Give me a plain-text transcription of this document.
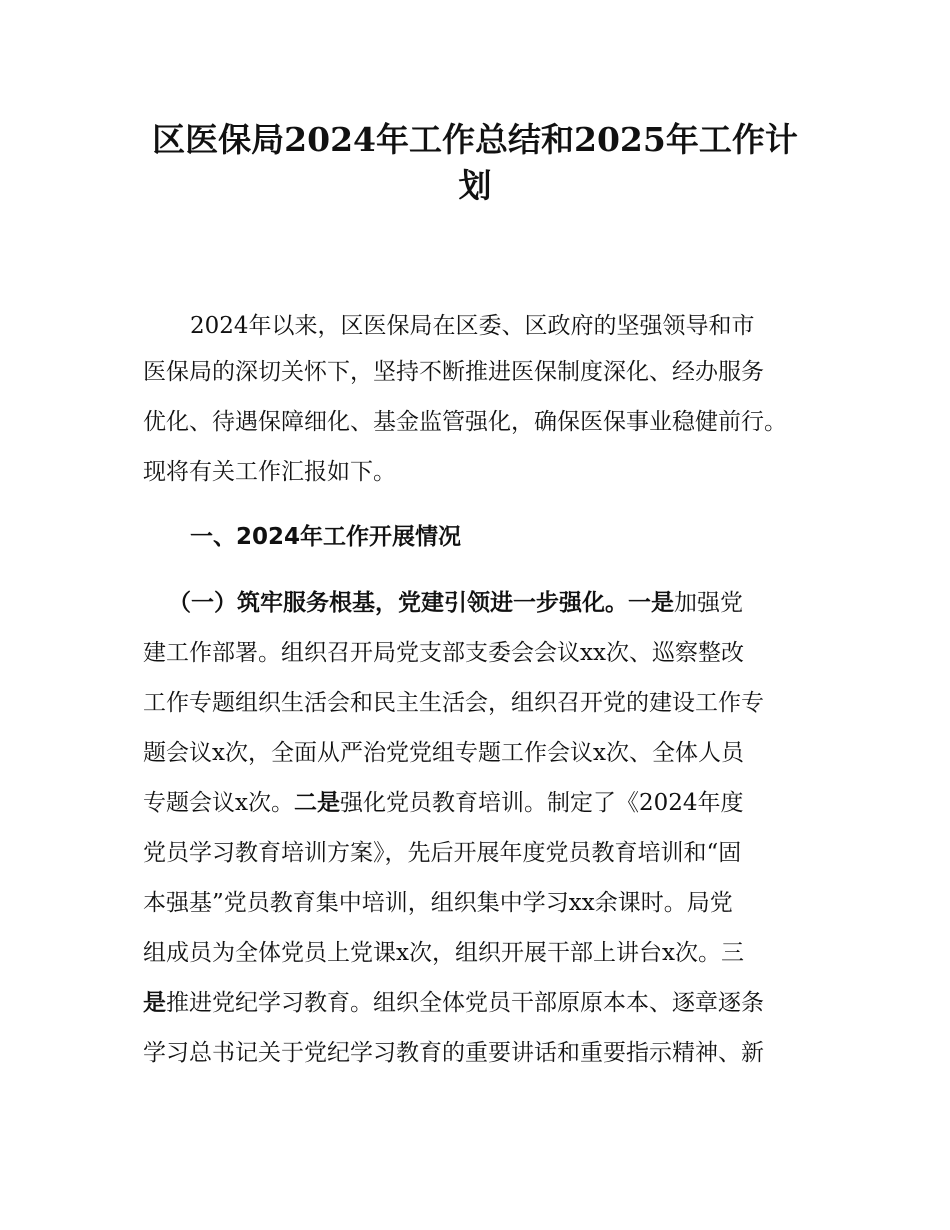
区医保局2024年工作总结和2025年工作计
划

2024年以来，区医保局在区委、区政府的坚强领导和市

医保局的深切关怀下，坚持不断推进医保制度深化、经办服务

优化、待遇保障细化、基金监管强化，确保医保事业稳健前行。

现将有关工作汇报如下。

一、2024年工作开展情况

（一）筑牢服务根基，党建引领进一步强化。一是加强党

建工作部署。组织召开局党支部支委会会议xx次、巡察整改

工作专题组织生活会和民主生活会，组织召开党的建设工作专

题会议x次，全面从严治党党组专题工作会议x次、全体人员

专题会议x次。二是强化党员教育培训。制定了《2024年度

党员学习教育培训方案》，先后开展年度党员教育培训和“固

本强基”党员教育集中培训，组织集中学习xx余课时。局党

组成员为全体党员上党课x次，组织开展干部上讲台x次。三

是推进党纪学习教育。组织全体党员干部原原本本、逐章逐条

学习总书记关于党纪学习教育的重要讲话和重要指示精神、新
